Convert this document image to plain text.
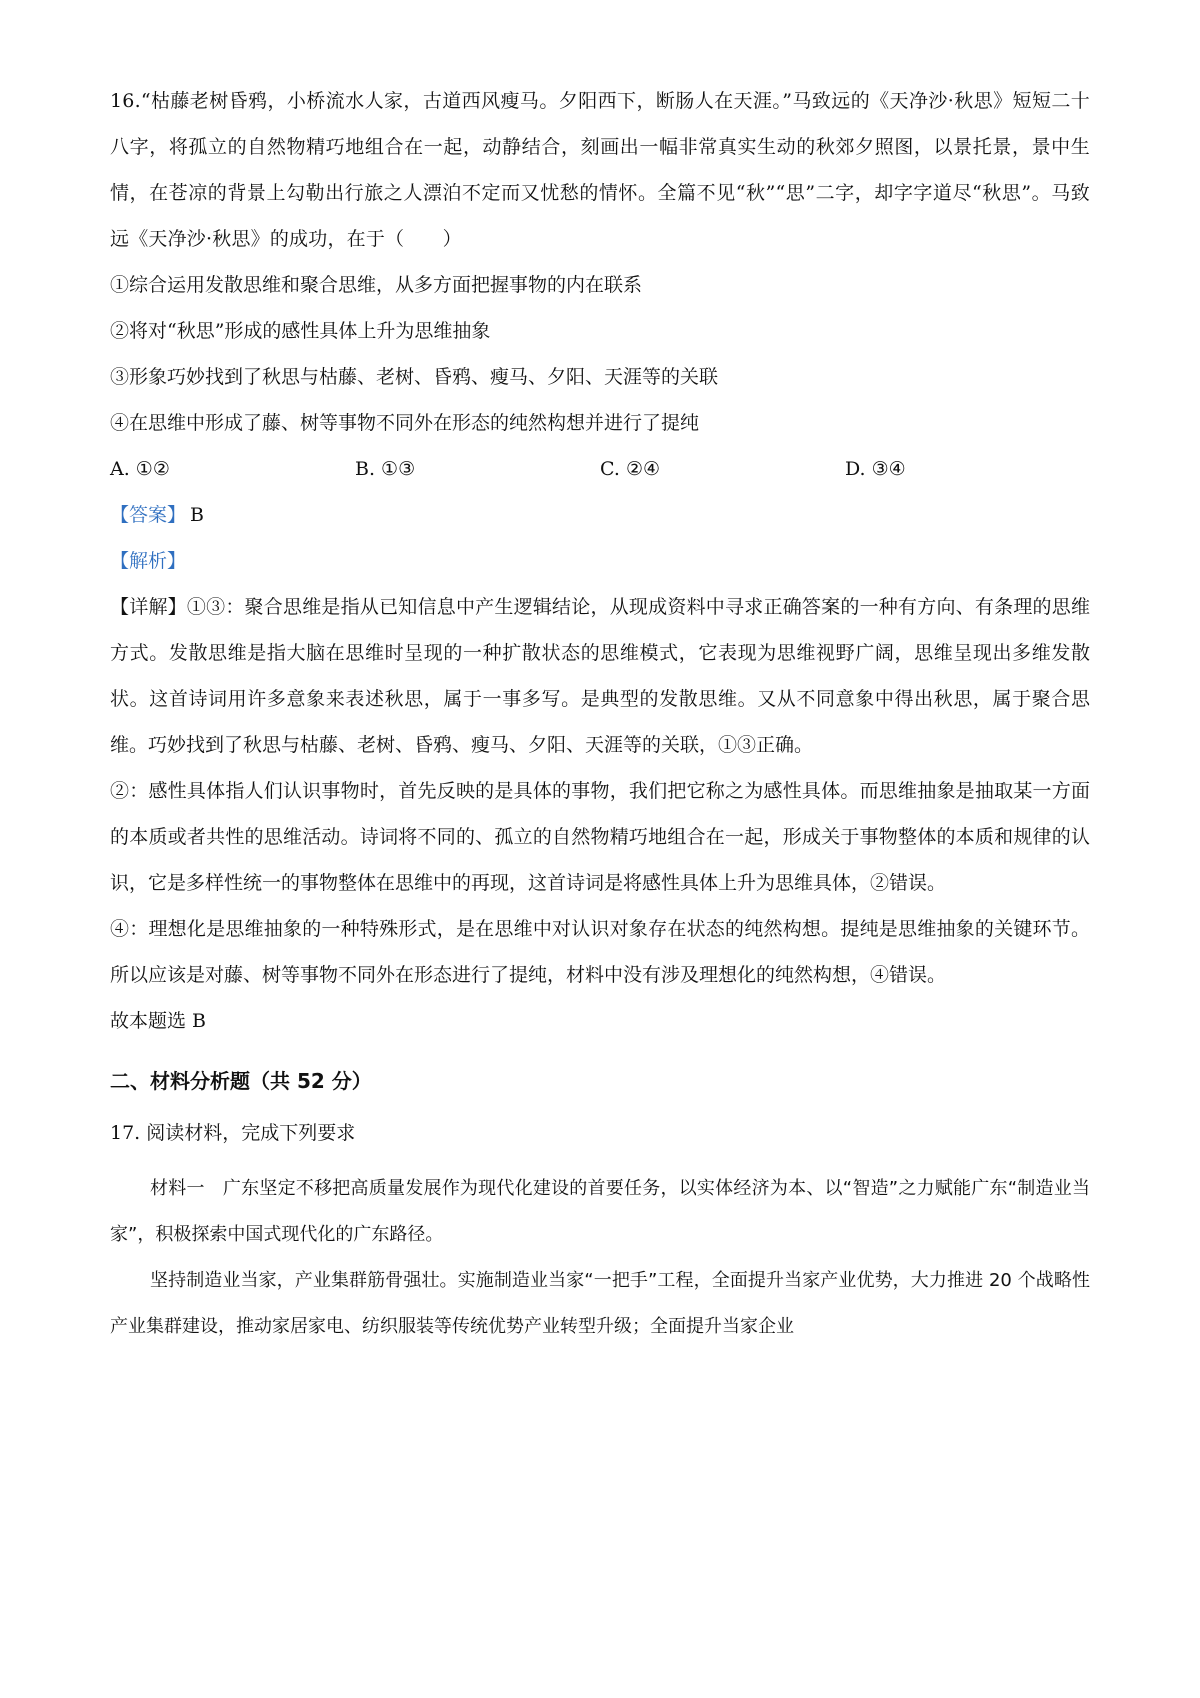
16.“枯藤老树昏鸦，小桥流水人家，古道西风瘦马。夕阳西下，断肠人在天涯。”马致远的《天净沙·秋思》短短二十八字，将孤立的自然物精巧地组合在一起，动静结合，刻画出一幅非常真实生动的秋郊夕照图，以景托景，景中生情，在苍凉的背景上勾勒出行旅之人漂泊不定而又忧愁的情怀。全篇不见“秋”“思”二字，却字字道尽“秋思”。马致远《天净沙·秋思》的成功，在于（　　）

①综合运用发散思维和聚合思维，从多方面把握事物的内在联系

②将对“秋思”形成的感性具体上升为思维抽象

③形象巧妙找到了秋思与枯藤、老树、昏鸦、瘦马、夕阳、天涯等的关联

④在思维中形成了藤、树等事物不同外在形态的纯然构想并进行了提纯

A. ①②	B. ①③	C. ②④	D. ③④

【答案】 B

【解析】

【详解】①③：聚合思维是指从已知信息中产生逻辑结论，从现成资料中寻求正确答案的一种有方向、有条理的思维方式。发散思维是指大脑在思维时呈现的一种扩散状态的思维模式，它表现为思维视野广阔，思维呈现出多维发散状。这首诗词用许多意象来表述秋思，属于一事多写。是典型的发散思维。又从不同意象中得出秋思，属于聚合思维。巧妙找到了秋思与枯藤、老树、昏鸦、瘦马、夕阳、天涯等的关联，①③正确。

②：感性具体指人们认识事物时，首先反映的是具体的事物，我们把它称之为感性具体。而思维抽象是抽取某一方面的本质或者共性的思维活动。诗词将不同的、孤立的自然物精巧地组合在一起，形成关于事物整体的本质和规律的认识，它是多样性统一的事物整体在思维中的再现，这首诗词是将感性具体上升为思维具体，②错误。

④：理想化是思维抽象的一种特殊形式，是在思维中对认识对象存在状态的纯然构想。提纯是思维抽象的关键环节。所以应该是对藤、树等事物不同外在形态进行了提纯，材料中没有涉及理想化的纯然构想，④错误。

故本题选 B

二、材料分析题（共 52 分）

17. 阅读材料，完成下列要求

材料一　广东坚定不移把高质量发展作为现代化建设的首要任务，以实体经济为本、以“智造”之力赋能广东“制造业当家”，积极探索中国式现代化的广东路径。

坚持制造业当家，产业集群筋骨强壮。实施制造业当家“一把手”工程，全面提升当家产业优势，大力推进 20 个战略性产业集群建设，推动家居家电、纺织服装等传统优势产业转型升级；全面提升当家企业
